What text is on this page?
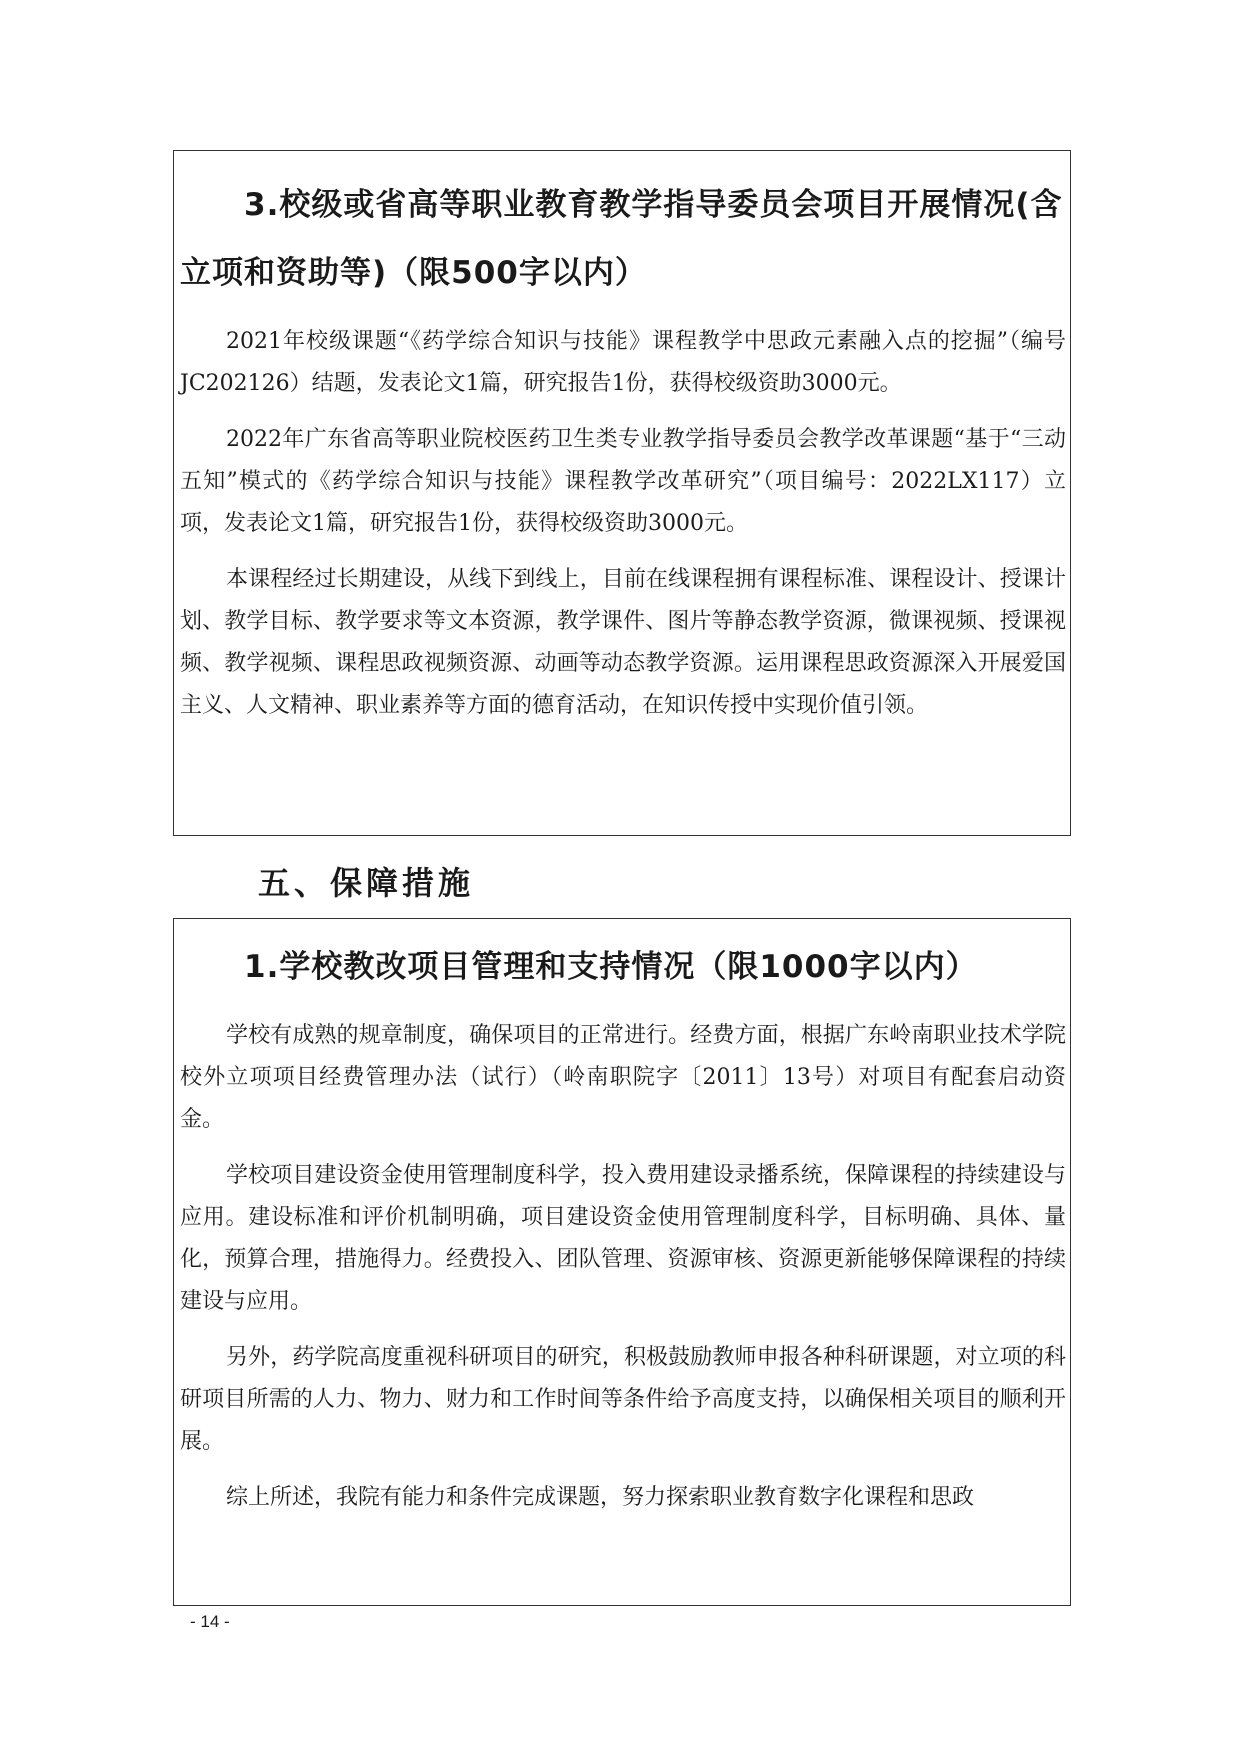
3.校级或省高等职业教育教学指导委员会项目开展情况(含立项和资助等)（限500字以内）

2021年校级课题“《药学综合知识与技能》课程教学中思政元素融入点的挖掘”（编号 JC202126）结题，发表论文1篇，研究报告1份，获得校级资助3000元。

2022年广东省高等职业院校医药卫生类专业教学指导委员会教学改革课题“基于“三动五知”模式的《药学综合知识与技能》课程教学改革研究”（项目编号：2022LX117）立项，发表论文1篇，研究报告1份，获得校级资助3000元。

本课程经过长期建设，从线下到线上，目前在线课程拥有课程标准、课程设计、授课计划、教学目标、教学要求等文本资源，教学课件、图片等静态教学资源，微课视频、授课视频、教学视频、课程思政视频资源、动画等动态教学资源。运用课程思政资源深入开展爱国主义、人文精神、职业素养等方面的德育活动，在知识传授中实现价值引领。

五、保障措施

1.学校教改项目管理和支持情况（限1000字以内）

学校有成熟的规章制度，确保项目的正常进行。经费方面，根据广东岭南职业技术学院校外立项项目经费管理办法（试行）（岭南职院字〔2011〕13号）对项目有配套启动资金。

学校项目建设资金使用管理制度科学，投入费用建设录播系统，保障课程的持续建设与应用。建设标准和评价机制明确，项目建设资金使用管理制度科学，目标明确、具体、量化，预算合理，措施得力。经费投入、团队管理、资源审核、资源更新能够保障课程的持续建设与应用。

另外，药学院高度重视科研项目的研究，积极鼓励教师申报各种科研课题，对立项的科研项目所需的人力、物力、财力和工作时间等条件给予高度支持，以确保相关项目的顺利开展。

综上所述，我院有能力和条件完成课题，努力探索职业教育数字化课程和思政

- 14 -
